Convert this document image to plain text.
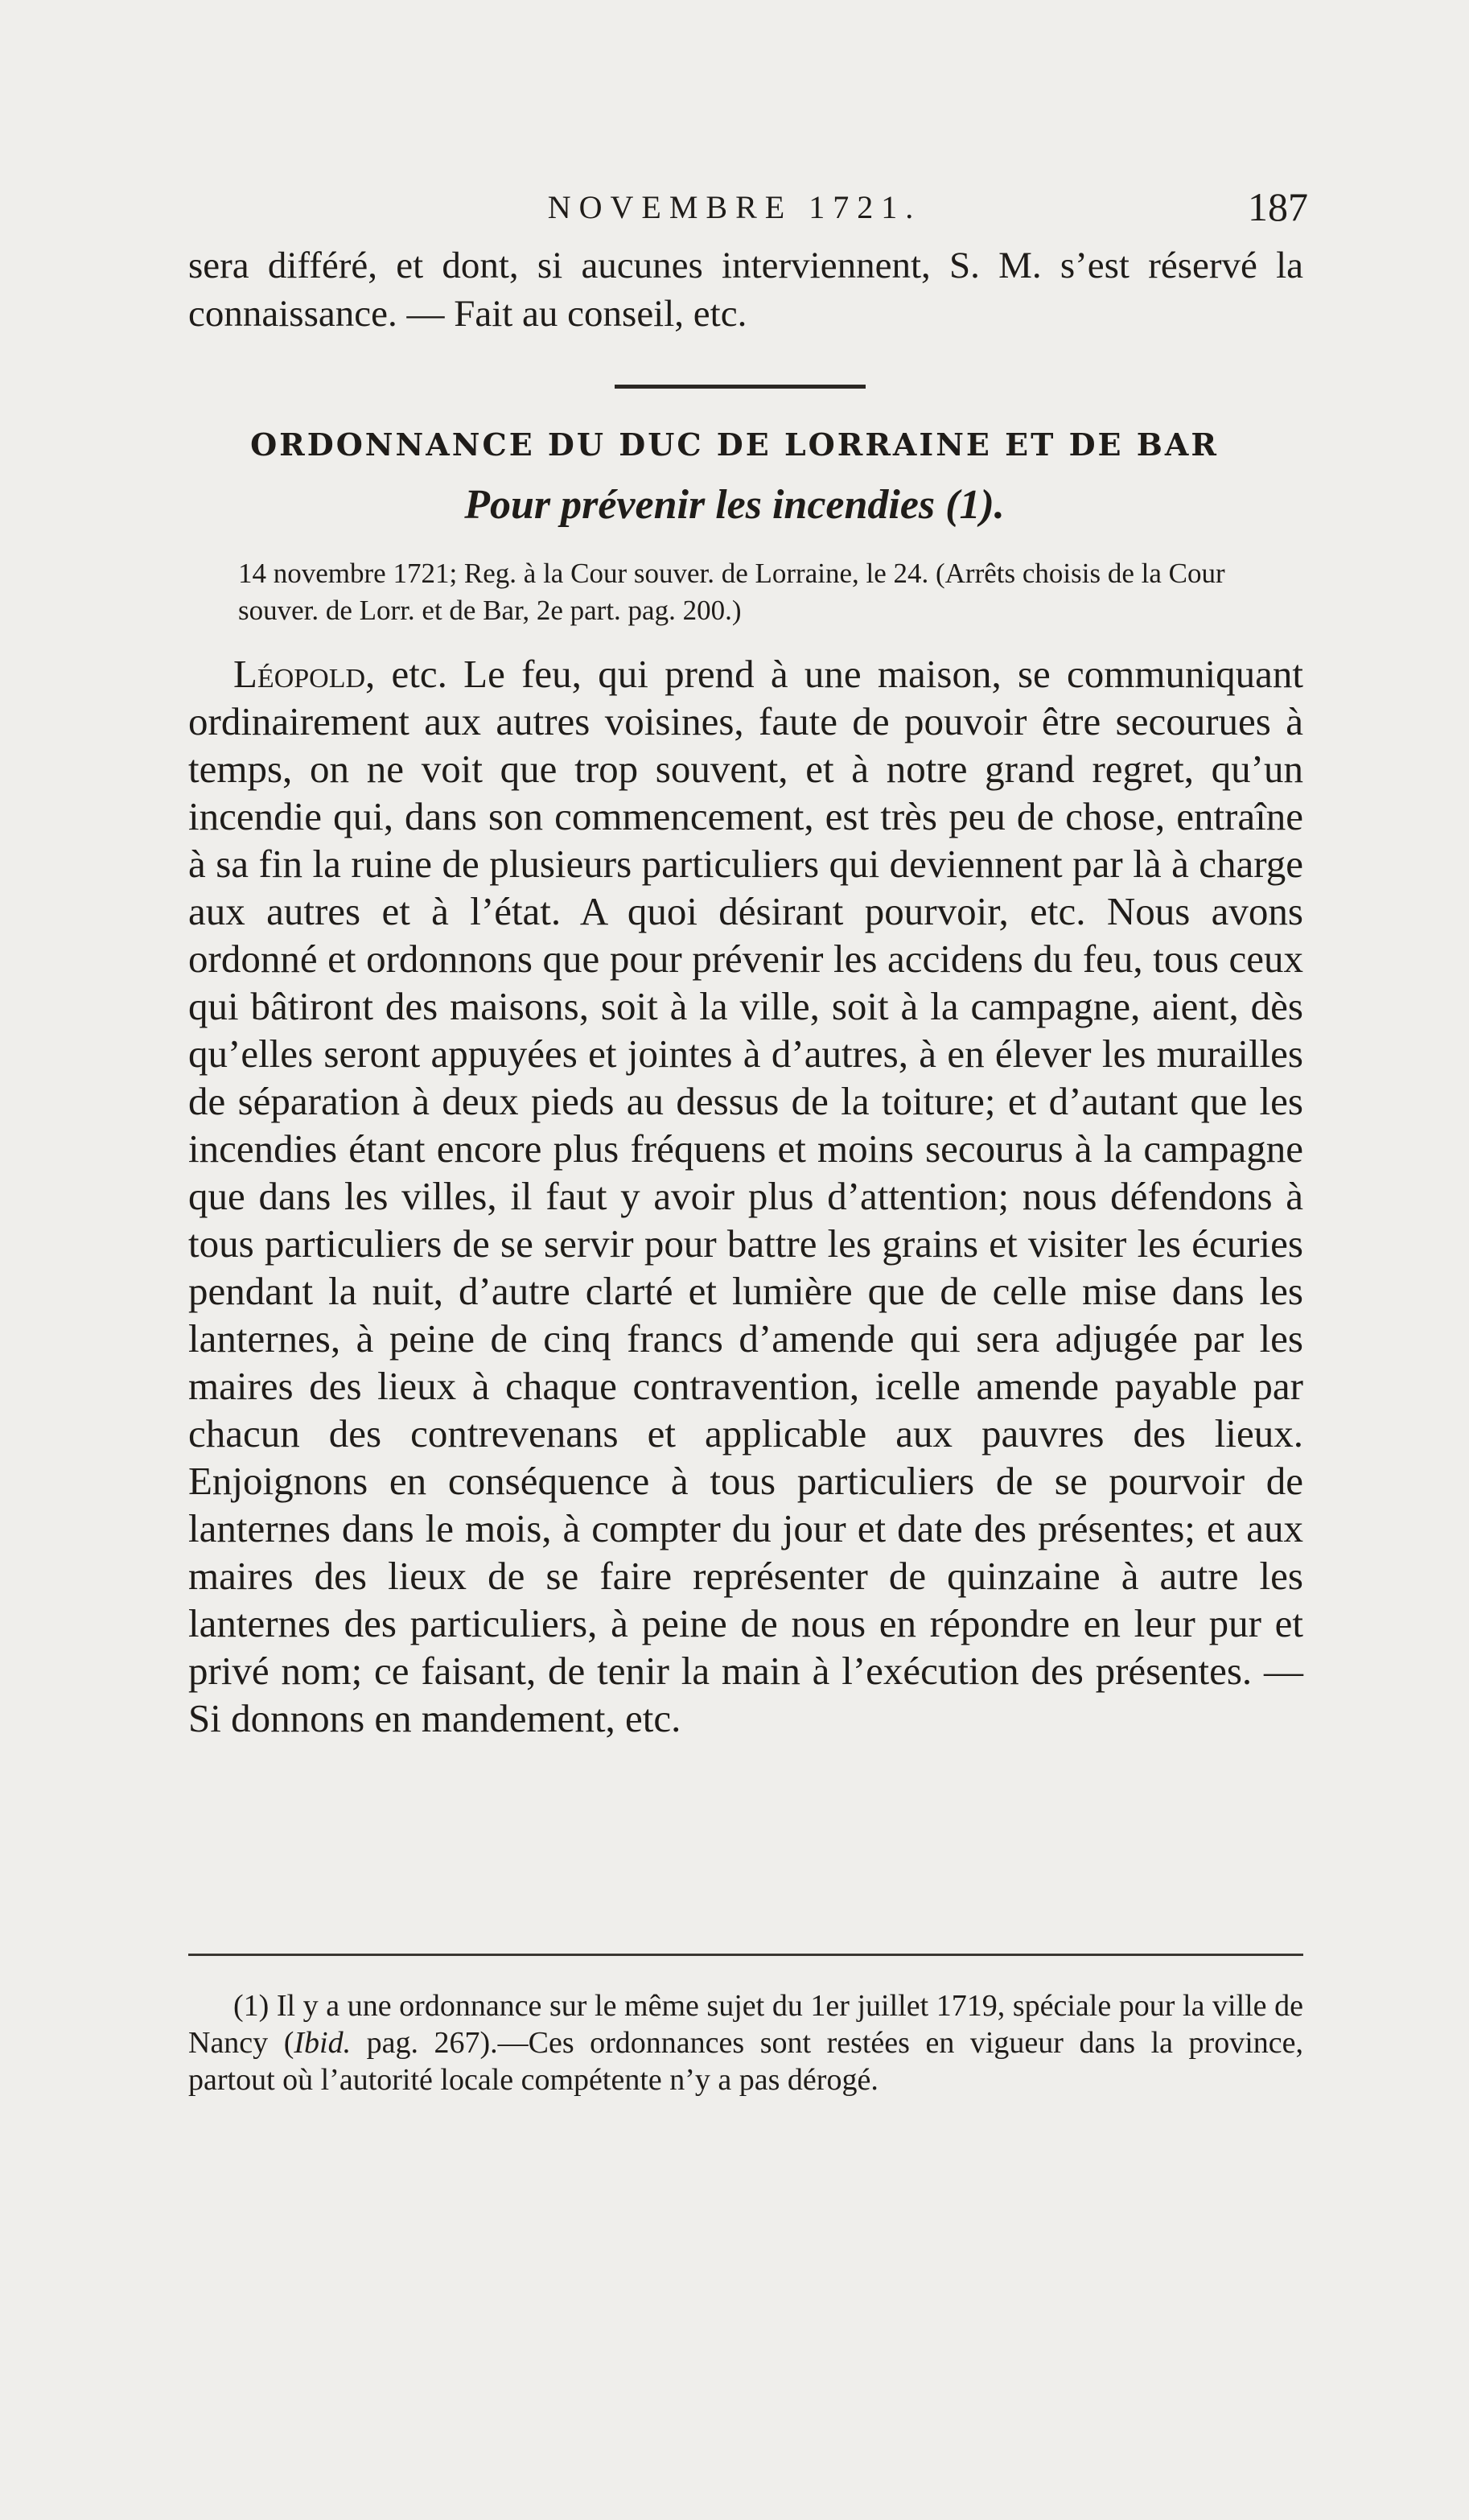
NOVEMBRE 1721.	187

sera différé, et dont, si aucunes interviennent, S. M. s’est réservé la connaissance. — Fait au conseil, etc.

ORDONNANCE DU DUC DE LORRAINE ET DE BAR
Pour prévenir les incendies (1).

14 novembre 1721; Reg. à la Cour souver. de Lorraine, le 24. (Arrêts choisis de la Cour souver. de Lorr. et de Bar, 2e part. pag. 200.)

Léopold, etc. Le feu, qui prend à une maison, se communiquant ordinairement aux autres voisines, faute de pouvoir être secourues à temps, on ne voit que trop souvent, et à notre grand regret, qu’un incendie qui, dans son commencement, est très peu de chose, entraîne à sa fin la ruine de plusieurs particuliers qui deviennent par là à charge aux autres et à l’état. A quoi désirant pourvoir, etc. Nous avons ordonné et ordonnons que pour prévenir les accidens du feu, tous ceux qui bâtiront des maisons, soit à la ville, soit à la campagne, aient, dès qu’elles seront appuyées et jointes à d’autres, à en élever les murailles de séparation à deux pieds au dessus de la toiture; et d’autant que les incendies étant encore plus fréquens et moins secourus à la campagne que dans les villes, il faut y avoir plus d’attention; nous défendons à tous particuliers de se servir pour battre les grains et visiter les écuries pendant la nuit, d’autre clarté et lumière que de celle mise dans les lanternes, à peine de cinq francs d’amende qui sera adjugée par les maires des lieux à chaque contravention, icelle amende payable par chacun des contrevenans et applicable aux pauvres des lieux. Enjoignons en conséquence à tous particuliers de se pourvoir de lanternes dans le mois, à compter du jour et date des présentes; et aux maires des lieux de se faire représenter de quinzaine à autre les lanternes des particuliers, à peine de nous en répondre en leur pur et privé nom; ce faisant, de tenir la main à l’exécution des présentes. — Si donnons en mandement, etc.

(1) Il y a une ordonnance sur le même sujet du 1er juillet 1719, spéciale pour la ville de Nancy (Ibid. pag. 267).—Ces ordonnances sont restées en vigueur dans la province, partout où l’autorité locale compétente n’y a pas dérogé.
